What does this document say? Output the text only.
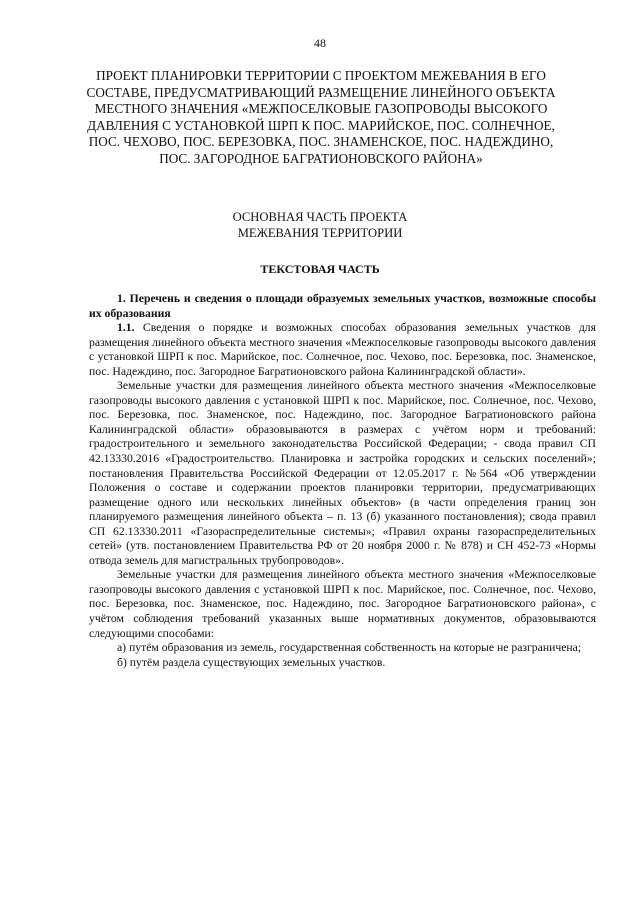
48
ПРОЕКТ ПЛАНИРОВКИ ТЕРРИТОРИИ С ПРОЕКТОМ МЕЖЕВАНИЯ В ЕГО СОСТАВЕ, ПРЕДУСМАТРИВАЮЩИЙ РАЗМЕЩЕНИЕ ЛИНЕЙНОГО ОБЪЕКТА МЕСТНОГО ЗНАЧЕНИЯ «МЕЖПОСЕЛКОВЫЕ ГАЗОПРОВОДЫ ВЫСОКОГО ДАВЛЕНИЯ С УСТАНОВКОЙ ШРП К ПОС. МАРИЙСКОЕ, ПОС. СОЛНЕЧНОЕ, ПОС. ЧЕХОВО, ПОС. БЕРЕЗОВКА, ПОС. ЗНАМЕНСКОЕ, ПОС. НАДЕЖДИНО, ПОС. ЗАГОРОДНОЕ БАГРАТИОНОВСКОГО РАЙОНА»
ОСНОВНАЯ ЧАСТЬ ПРОЕКТА
МЕЖЕВАНИЯ ТЕРРИТОРИИ
ТЕКСТОВАЯ ЧАСТЬ

1. Перечень и сведения о площади образуемых земельных участков, возможные способы их образования

1.1. Сведения о порядке и возможных способах образования земельных участков для размещения линейного объекта местного значения «Межпоселковые газопроводы высокого давления с установкой ШРП к пос. Марийское, пос. Солнечное, пос. Чехово, пос. Березовка, пос. Знаменское, пос. Надеждино, пос. Загородное Багратионовского района Калининградской области».

Земельные участки для размещения линейного объекта местного значения «Межпоселковые газопроводы высокого давления с установкой ШРП к пос. Марийское, пос. Солнечное, пос. Чехово, пос. Березовка, пос. Знаменское, пос. Надеждино, пос. Загородное Багратионовского района Калининградской области» образовываются в размерах с учётом норм и требований: градостроительного и земельного законодательства Российской Федерации; - свода правил СП 42.13330.2016 «Градостроительство. Планировка и застройка городских и сельских поселений»; постановления Правительства Российской Федерации от 12.05.2017 г. №564 «Об утверждении Положения о составе и содержании проектов планировки территории, предусматривающих размещение одного или нескольких линейных объектов» (в части определения границ зон планируемого размещения линейного объекта – п. 13 (б) указанного постановления); свода правил СП 62.13330.2011 «Газораспределительные системы»; «Правил охраны газораспределительных сетей» (утв. постановлением Правительства РФ от 20 ноября 2000 г. № 878) и СН 452-73 «Нормы отвода земель для магистральных трубопроводов».

Земельные участки для размещения линейного объекта местного значения «Межпоселковые газопроводы высокого давления с установкой ШРП к пос. Марийское, пос. Солнечное, пос. Чехово, пос. Березовка, пос. Знаменское, пос. Надеждино, пос. Загородное Багратионовского района», с учётом соблюдения требований указанных выше нормативных документов, образовываются следующими способами:

а) путём образования из земель, государственная собственность на которые не разграничена;

б) путём раздела существующих земельных участков.
